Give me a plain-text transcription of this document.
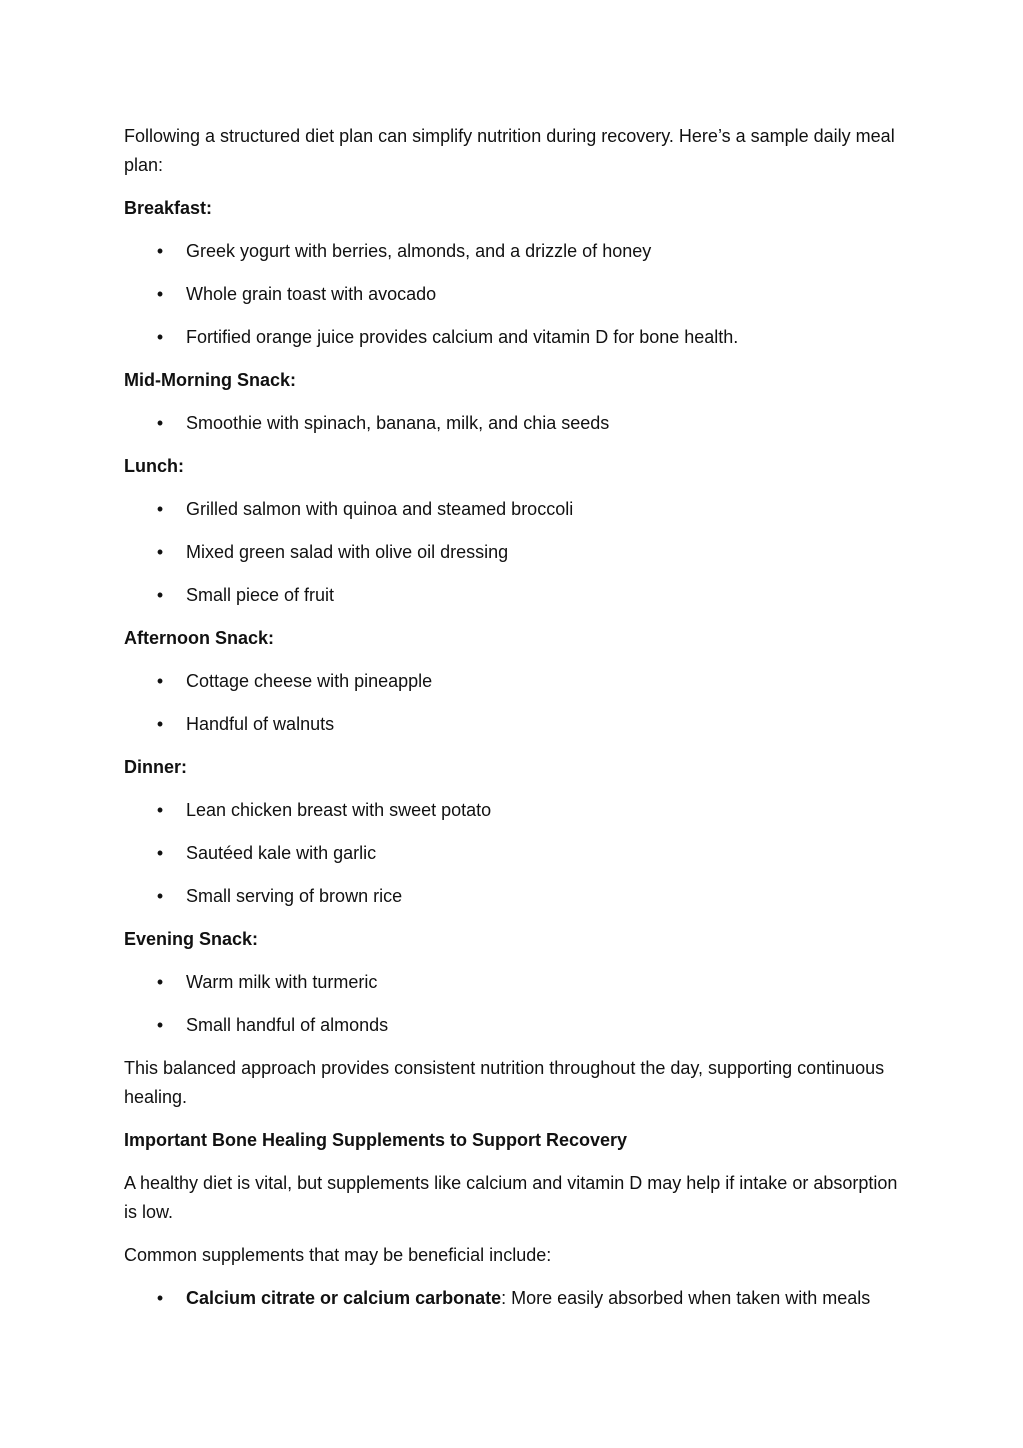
Following a structured diet plan can simplify nutrition during recovery. Here’s a sample daily meal plan:

Breakfast:
• Greek yogurt with berries, almonds, and a drizzle of honey
• Whole grain toast with avocado
• Fortified orange juice provides calcium and vitamin D for bone health.
Mid-Morning Snack:
• Smoothie with spinach, banana, milk, and chia seeds
Lunch:
• Grilled salmon with quinoa and steamed broccoli
• Mixed green salad with olive oil dressing
• Small piece of fruit
Afternoon Snack:
• Cottage cheese with pineapple
• Handful of walnuts
Dinner:
• Lean chicken breast with sweet potato
• Sautéed kale with garlic
• Small serving of brown rice
Evening Snack:
• Warm milk with turmeric
• Small handful of almonds

This balanced approach provides consistent nutrition throughout the day, supporting continuous healing.

Important Bone Healing Supplements to Support Recovery

A healthy diet is vital, but supplements like calcium and vitamin D may help if intake or absorption is low.

Common supplements that may be beneficial include:

• Calcium citrate or calcium carbonate: More easily absorbed when taken with meals
